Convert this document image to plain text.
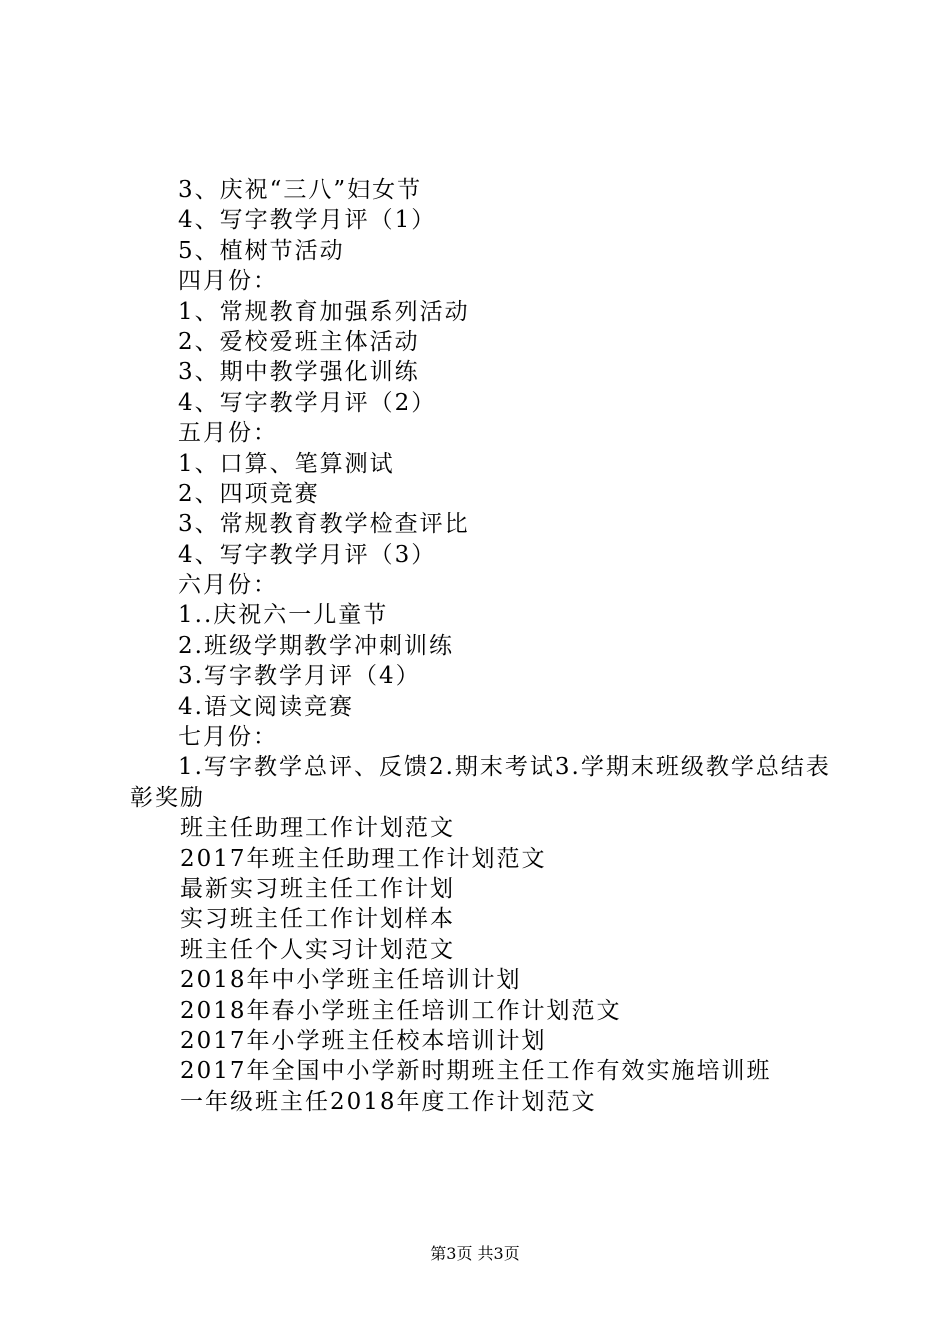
3、庆祝“三八”妇女节
4、写字教学月评（1）
5、植树节活动
四月份：
1、常规教育加强系列活动
2、爱校爱班主体活动
3、期中教学强化训练
4、写字教学月评（2）
五月份：
1、口算、笔算测试
2、四项竞赛
3、常规教育教学检查评比
4、写字教学月评（3）
六月份：
1..庆祝六一儿童节
2.班级学期教学冲刺训练
3.写字教学月评（4）
4.语文阅读竞赛
七月份：
1.写字教学总评、反馈2.期末考试3.学期末班级教学总结表彰奖励
班主任助理工作计划范文
2017年班主任助理工作计划范文
最新实习班主任工作计划
实习班主任工作计划样本
班主任个人实习计划范文
2018年中小学班主任培训计划
2018年春小学班主任培训工作计划范文
2017年小学班主任校本培训计划
2017年全国中小学新时期班主任工作有效实施培训班
一年级班主任2018年度工作计划范文
第3页 共3页
